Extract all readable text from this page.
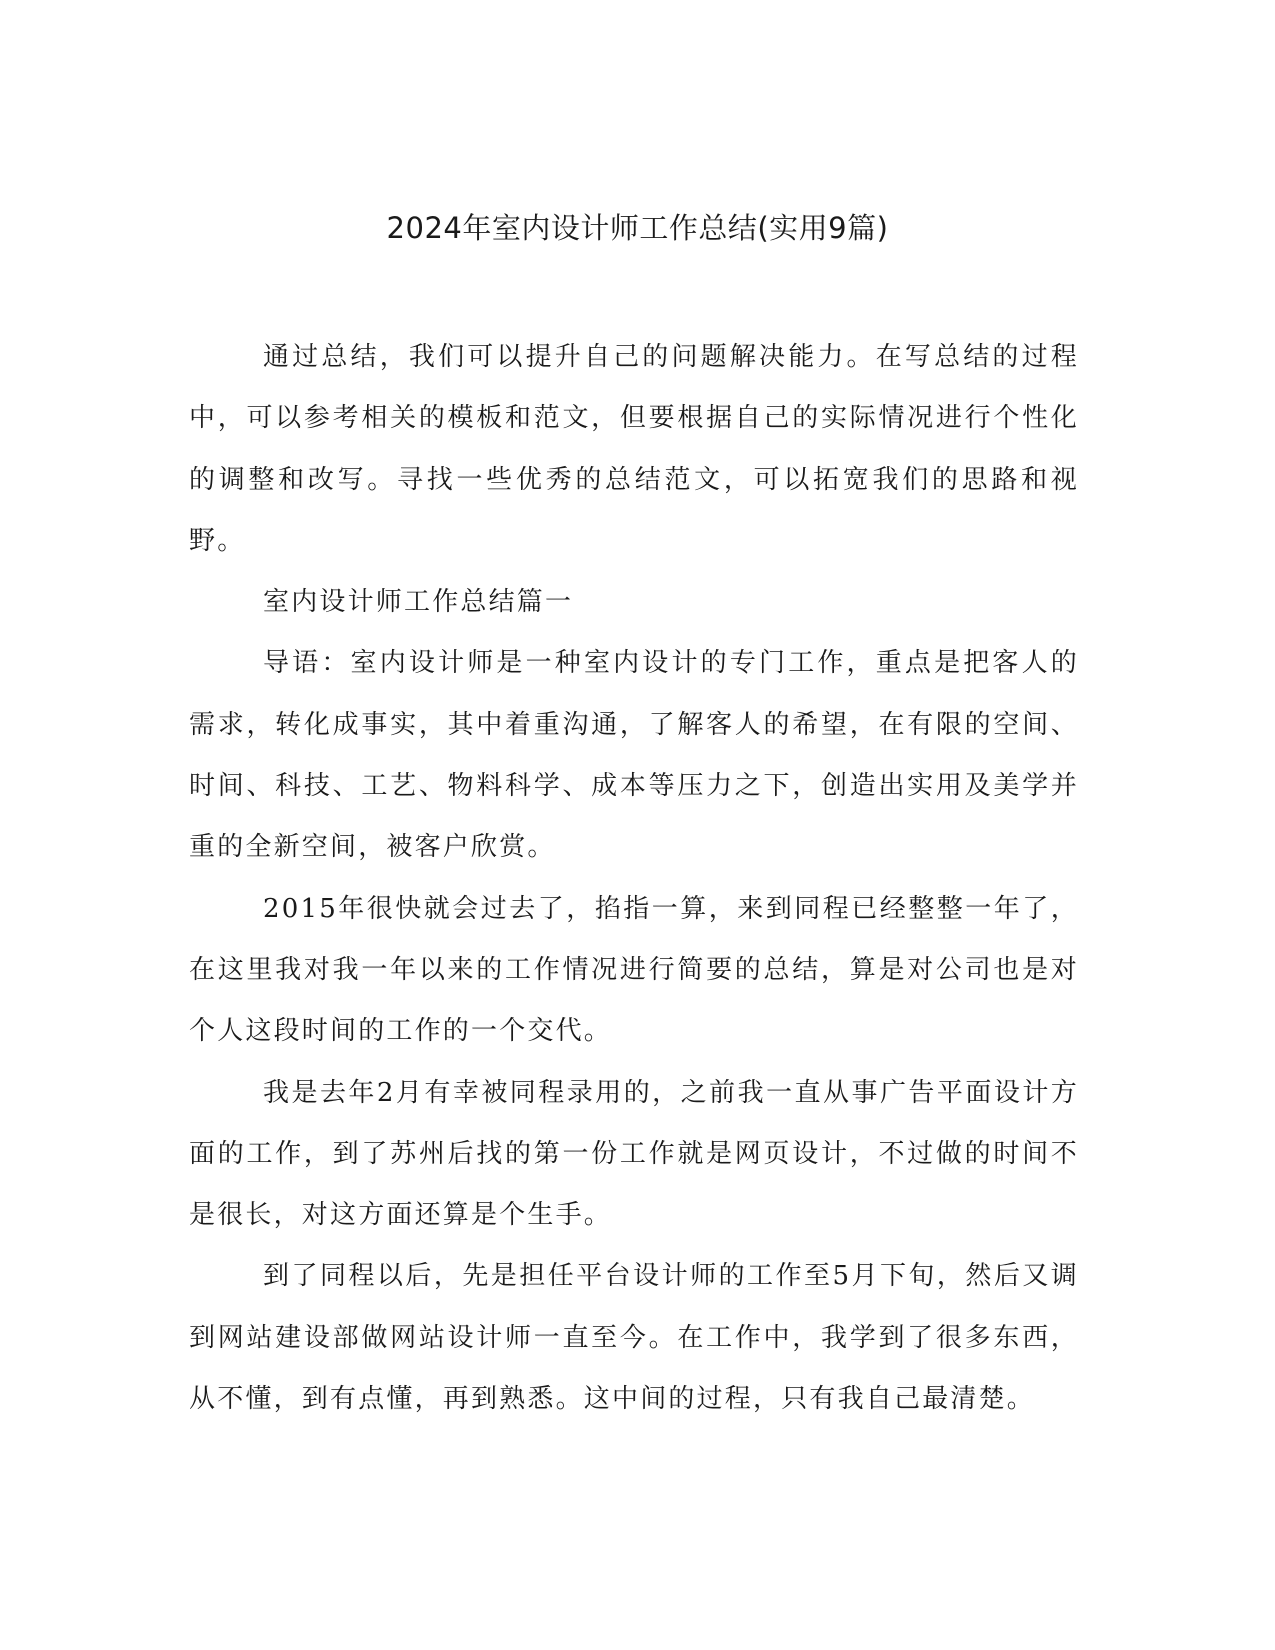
2024年室内设计师工作总结(实用9篇)

通过总结，我们可以提升自己的问题解决能力。在写总结的过程中，可以参考相关的模板和范文，但要根据自己的实际情况进行个性化的调整和改写。寻找一些优秀的总结范文，可以拓宽我们的思路和视野。

室内设计师工作总结篇一

导语：室内设计师是一种室内设计的专门工作，重点是把客人的需求，转化成事实，其中着重沟通，了解客人的希望，在有限的空间、时间、科技、工艺、物料科学、成本等压力之下，创造出实用及美学并重的全新空间，被客户欣赏。

2015年很快就会过去了，掐指一算，来到同程已经整整一年了，在这里我对我一年以来的工作情况进行简要的总结，算是对公司也是对个人这段时间的工作的一个交代。

我是去年2月有幸被同程录用的，之前我一直从事广告平面设计方面的工作，到了苏州后找的第一份工作就是网页设计，不过做的时间不是很长，对这方面还算是个生手。

到了同程以后，先是担任平台设计师的工作至5月下旬，然后又调到网站建设部做网站设计师一直至今。在工作中，我学到了很多东西，从不懂，到有点懂，再到熟悉。这中间的过程，只有我自己最清楚。
